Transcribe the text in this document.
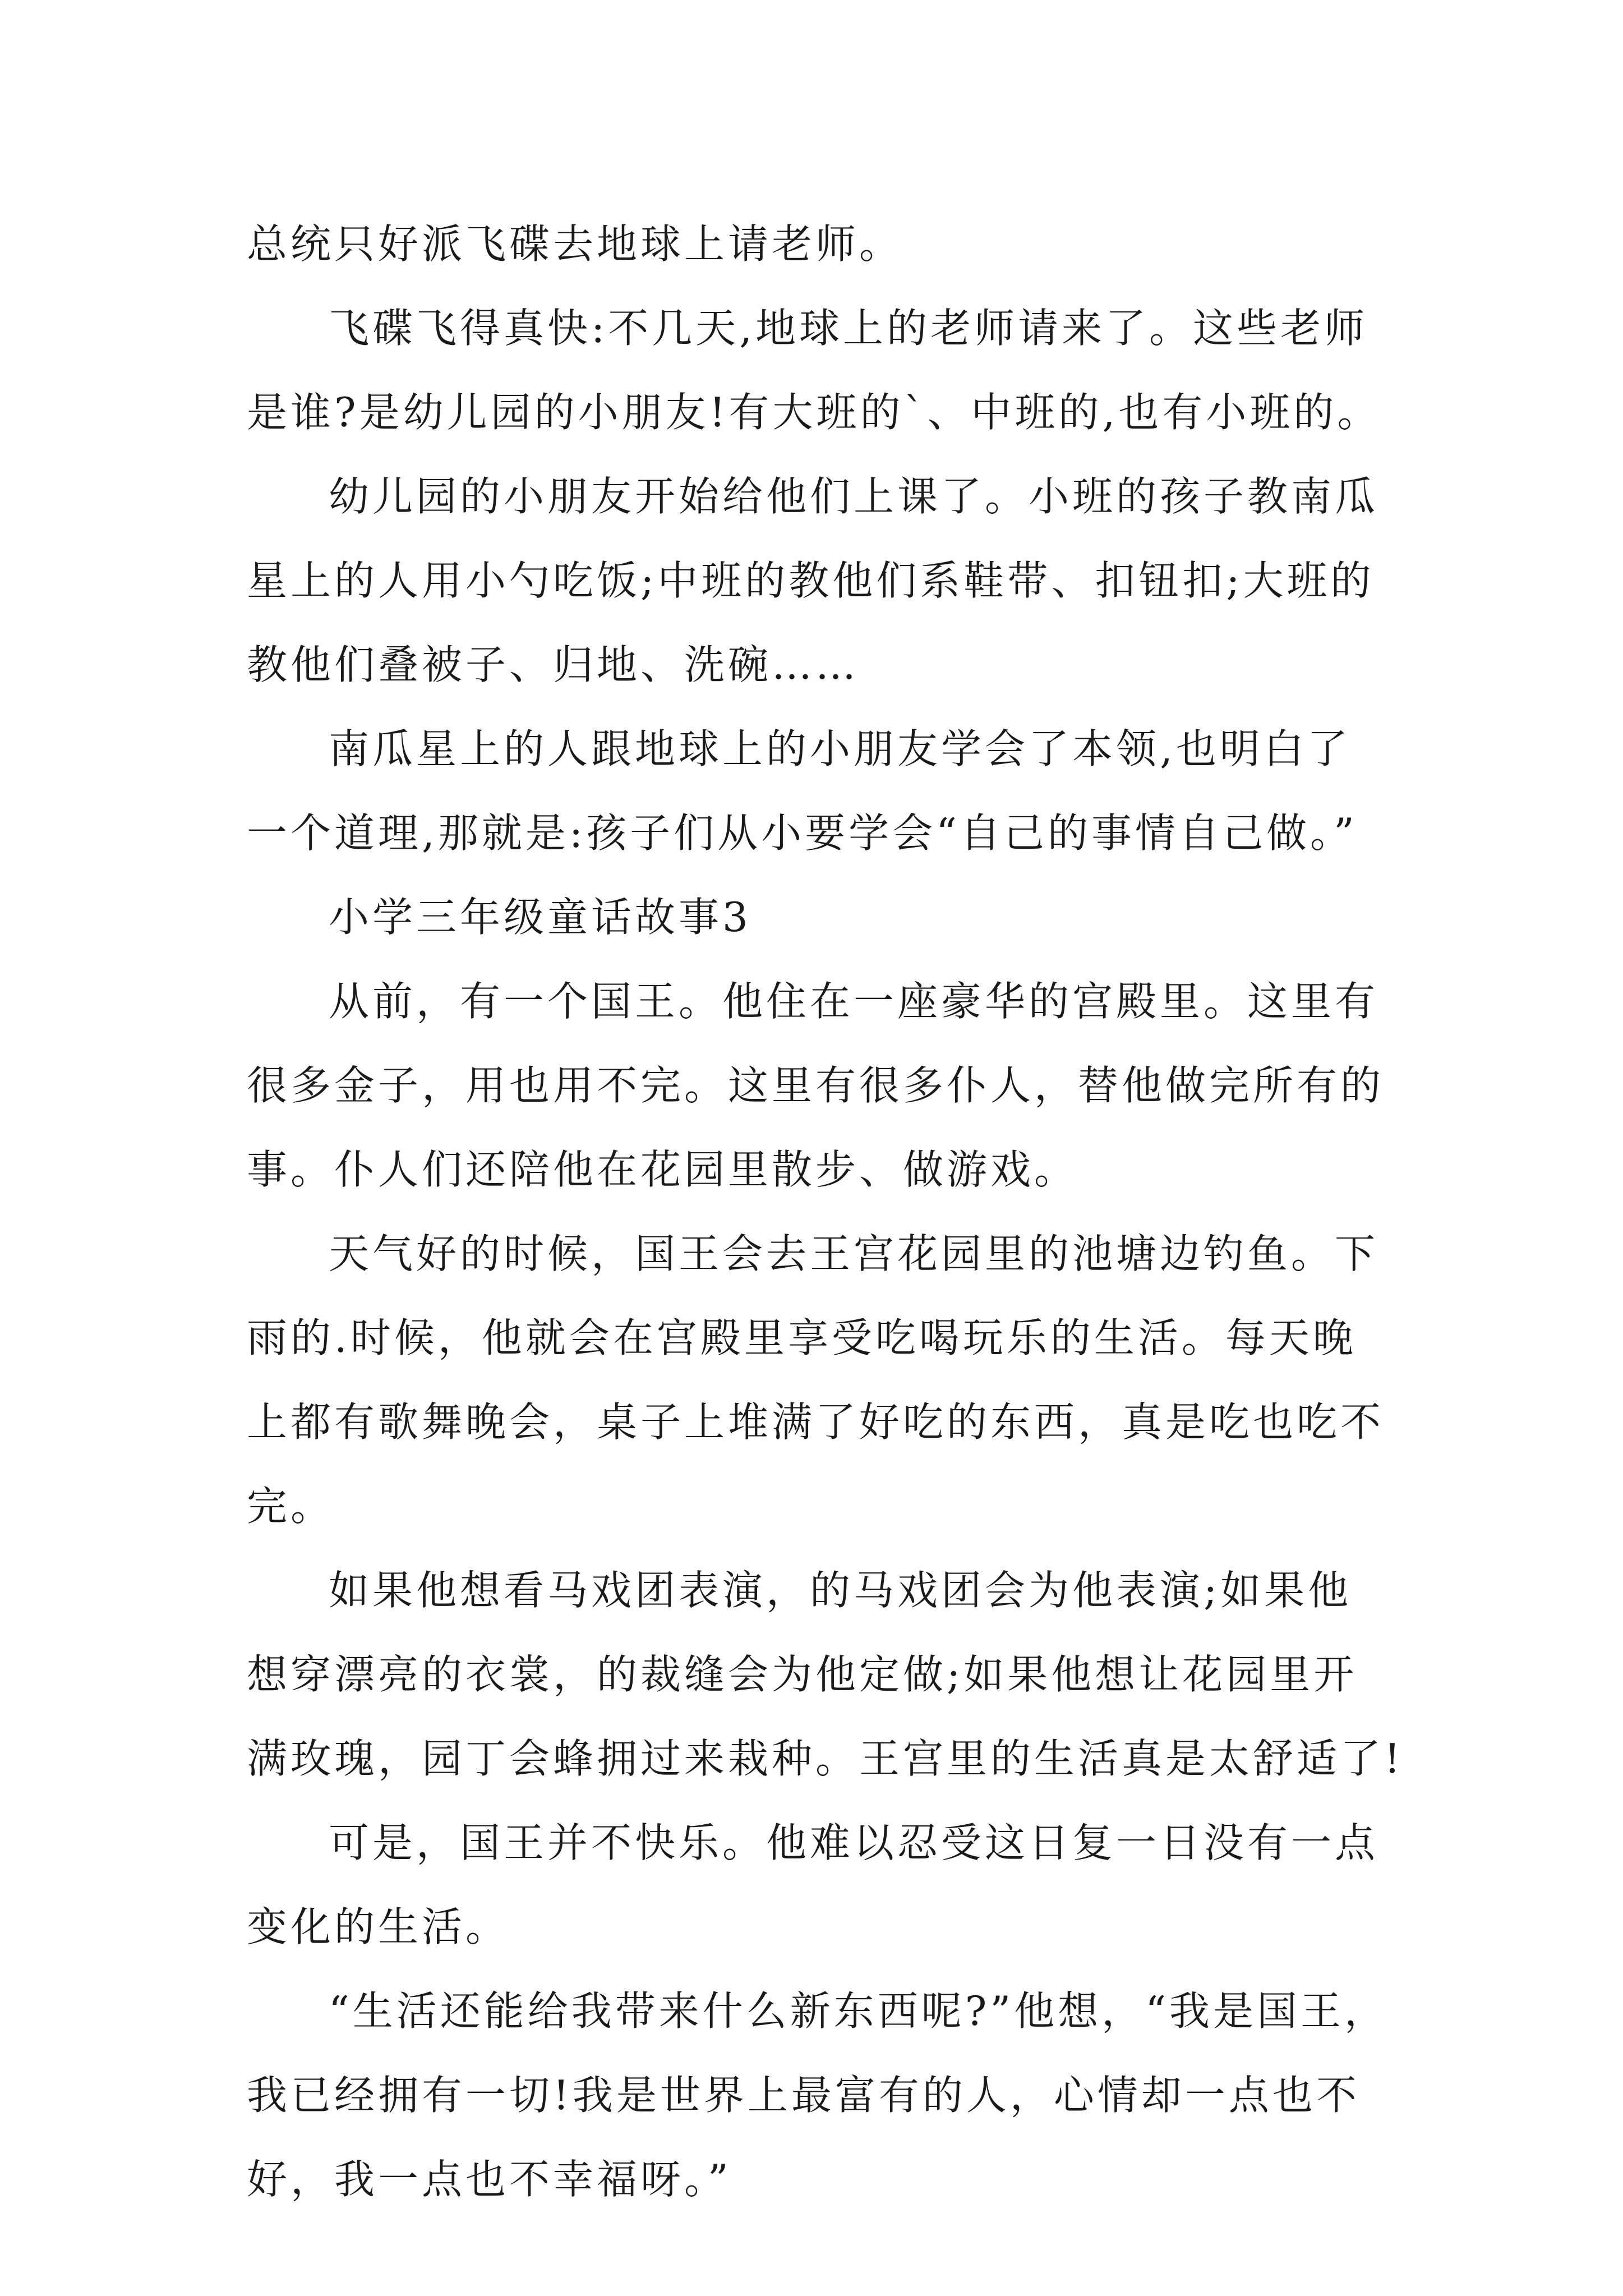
总统只好派飞碟去地球上请老师。
飞碟飞得真快:不几天,地球上的老师请来了。这些老师
是谁?是幼儿园的小朋友!有大班的`、中班的,也有小班的。
幼儿园的小朋友开始给他们上课了。小班的孩子教南瓜
星上的人用小勺吃饭;中班的教他们系鞋带、扣钮扣;大班的
教他们叠被子、归地、洗碗……
南瓜星上的人跟地球上的小朋友学会了本领,也明白了
一个道理,那就是:孩子们从小要学会“自己的事情自己做。”
小学三年级童话故事3
从前，有一个国王。他住在一座豪华的宫殿里。这里有
很多金子，用也用不完。这里有很多仆人，替他做完所有的
事。仆人们还陪他在花园里散步、做游戏。
天气好的时候，国王会去王宫花园里的池塘边钓鱼。下
雨的.时候，他就会在宫殿里享受吃喝玩乐的生活。每天晚
上都有歌舞晚会，桌子上堆满了好吃的东西，真是吃也吃不
完。
如果他想看马戏团表演，的马戏团会为他表演;如果他
想穿漂亮的衣裳，的裁缝会为他定做;如果他想让花园里开
满玫瑰，园丁会蜂拥过来栽种。王宫里的生活真是太舒适了!
可是，国王并不快乐。他难以忍受这日复一日没有一点
变化的生活。
“生活还能给我带来什么新东西呢?”他想，“我是国王，
我已经拥有一切!我是世界上最富有的人，心情却一点也不
好，我一点也不幸福呀。”
